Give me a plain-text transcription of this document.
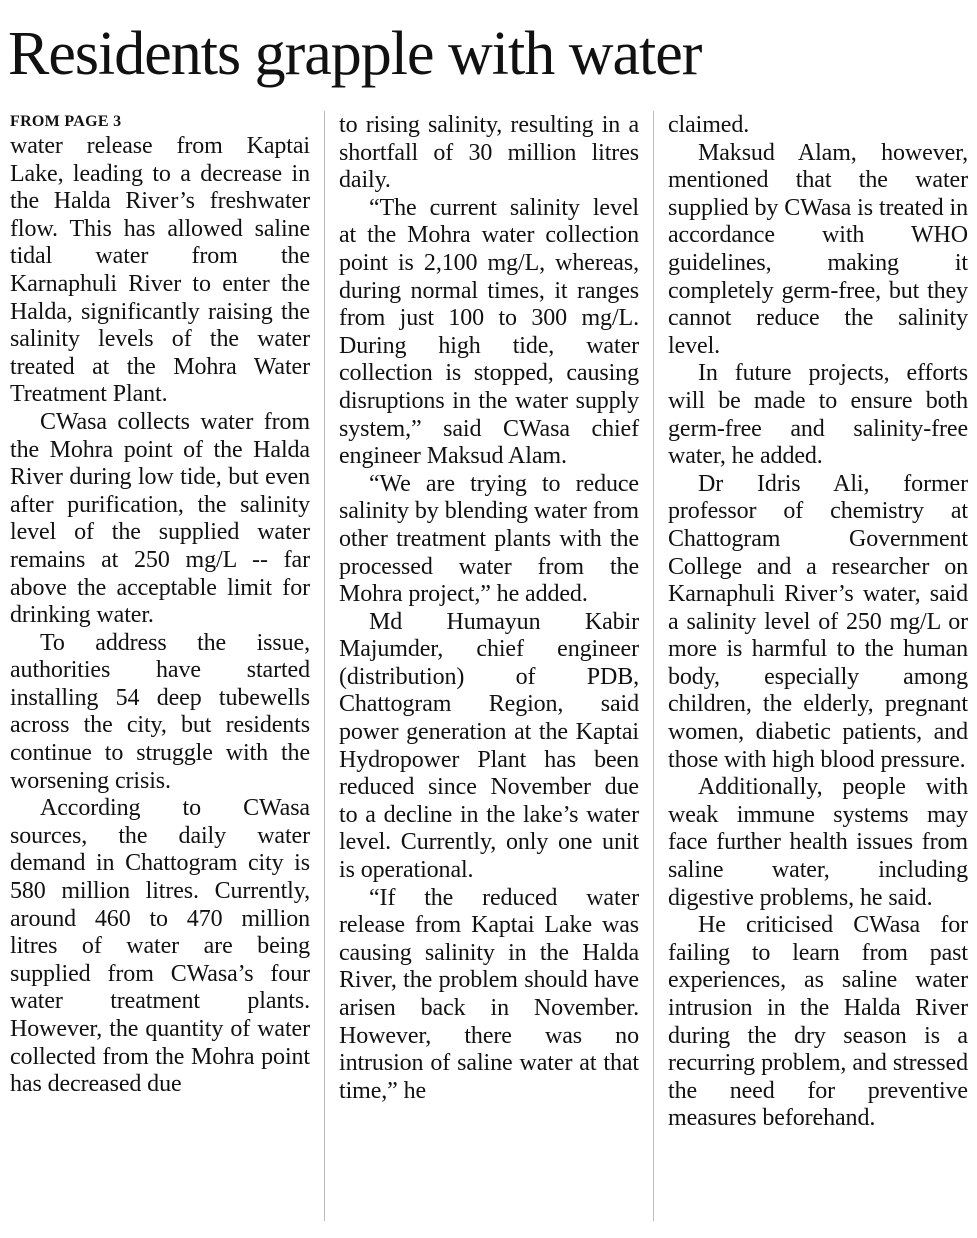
Residents grapple with water

FROM PAGE 3

water release from Kaptai Lake, leading to a decrease in the Halda River’s freshwater flow. This has allowed saline tidal water from the Karnaphuli River to enter the Halda, significantly raising the salinity levels of the water treated at the Mohra Water Treatment Plant.

CWasa collects water from the Mohra point of the Halda River during low tide, but even after purification, the salinity level of the supplied water remains at 250 mg/L -- far above the acceptable limit for drinking water.

To address the issue, authorities have started installing 54 deep tubewells across the city, but residents continue to struggle with the worsening crisis.

According to CWasa sources, the daily water demand in Chattogram city is 580 million litres. Currently, around 460 to 470 million litres of water are being supplied from CWasa’s four water treatment plants. However, the quantity of water collected from the Mohra point has decreased due

to rising salinity, resulting in a shortfall of 30 million litres daily.

“The current salinity level at the Mohra water collection point is 2,100 mg/L, whereas, during normal times, it ranges from just 100 to 300 mg/L. During high tide, water collection is stopped, causing disruptions in the water supply system,” said CWasa chief engineer Maksud Alam.

“We are trying to reduce salinity by blending water from other treatment plants with the processed water from the Mohra project,” he added.

Md Humayun Kabir Majumder, chief engineer (distribution) of PDB, Chattogram Region, said power generation at the Kaptai Hydropower Plant has been reduced since November due to a decline in the lake’s water level. Currently, only one unit is operational.

“If the reduced water release from Kaptai Lake was causing salinity in the Halda River, the problem should have arisen back in November. However, there was no intrusion of saline water at that time,” he

claimed.

Maksud Alam, however, mentioned that the water supplied by CWasa is treated in accordance with WHO guidelines, making it completely germ-free, but they cannot reduce the salinity level.

In future projects, efforts will be made to ensure both germ-free and salinity-free water, he added.

Dr Idris Ali, former professor of chemistry at Chattogram Government College and a researcher on Karnaphuli River’s water, said a salinity level of 250 mg/L or more is harmful to the human body, especially among children, the elderly, pregnant women, diabetic patients, and those with high blood pressure.

Additionally, people with weak immune systems may face further health issues from saline water, including digestive problems, he said.

He criticised CWasa for failing to learn from past experiences, as saline water intrusion in the Halda River during the dry season is a recurring problem, and stressed the need for preventive measures beforehand.
